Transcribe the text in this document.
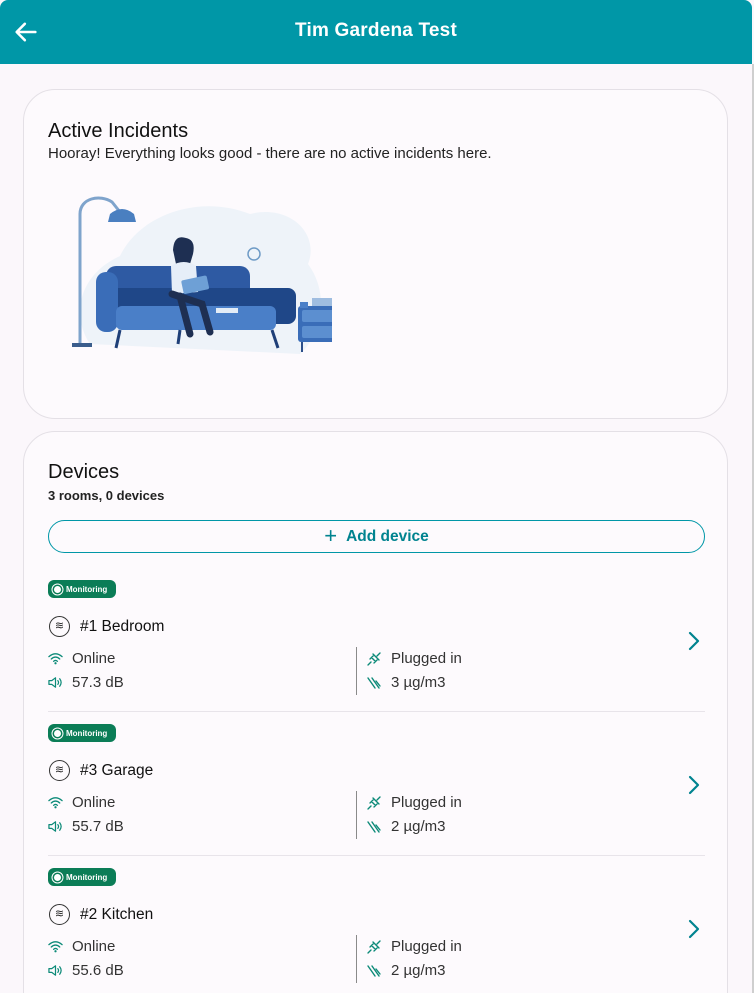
Tim Gardena Test
Active Incidents
Hooray! Everything looks good - there are no active incidents here.
Devices
3 rooms, 0 devices
+ Add device
Monitoring
≋	#1 Bedroom
Online
57.3 dB
Plugged in
3 µg/m3
Monitoring
≋	#3 Garage
Online
55.7 dB
Plugged in
2 µg/m3
Monitoring
≋	#2 Kitchen
Online
55.6 dB
Plugged in
2 µg/m3
